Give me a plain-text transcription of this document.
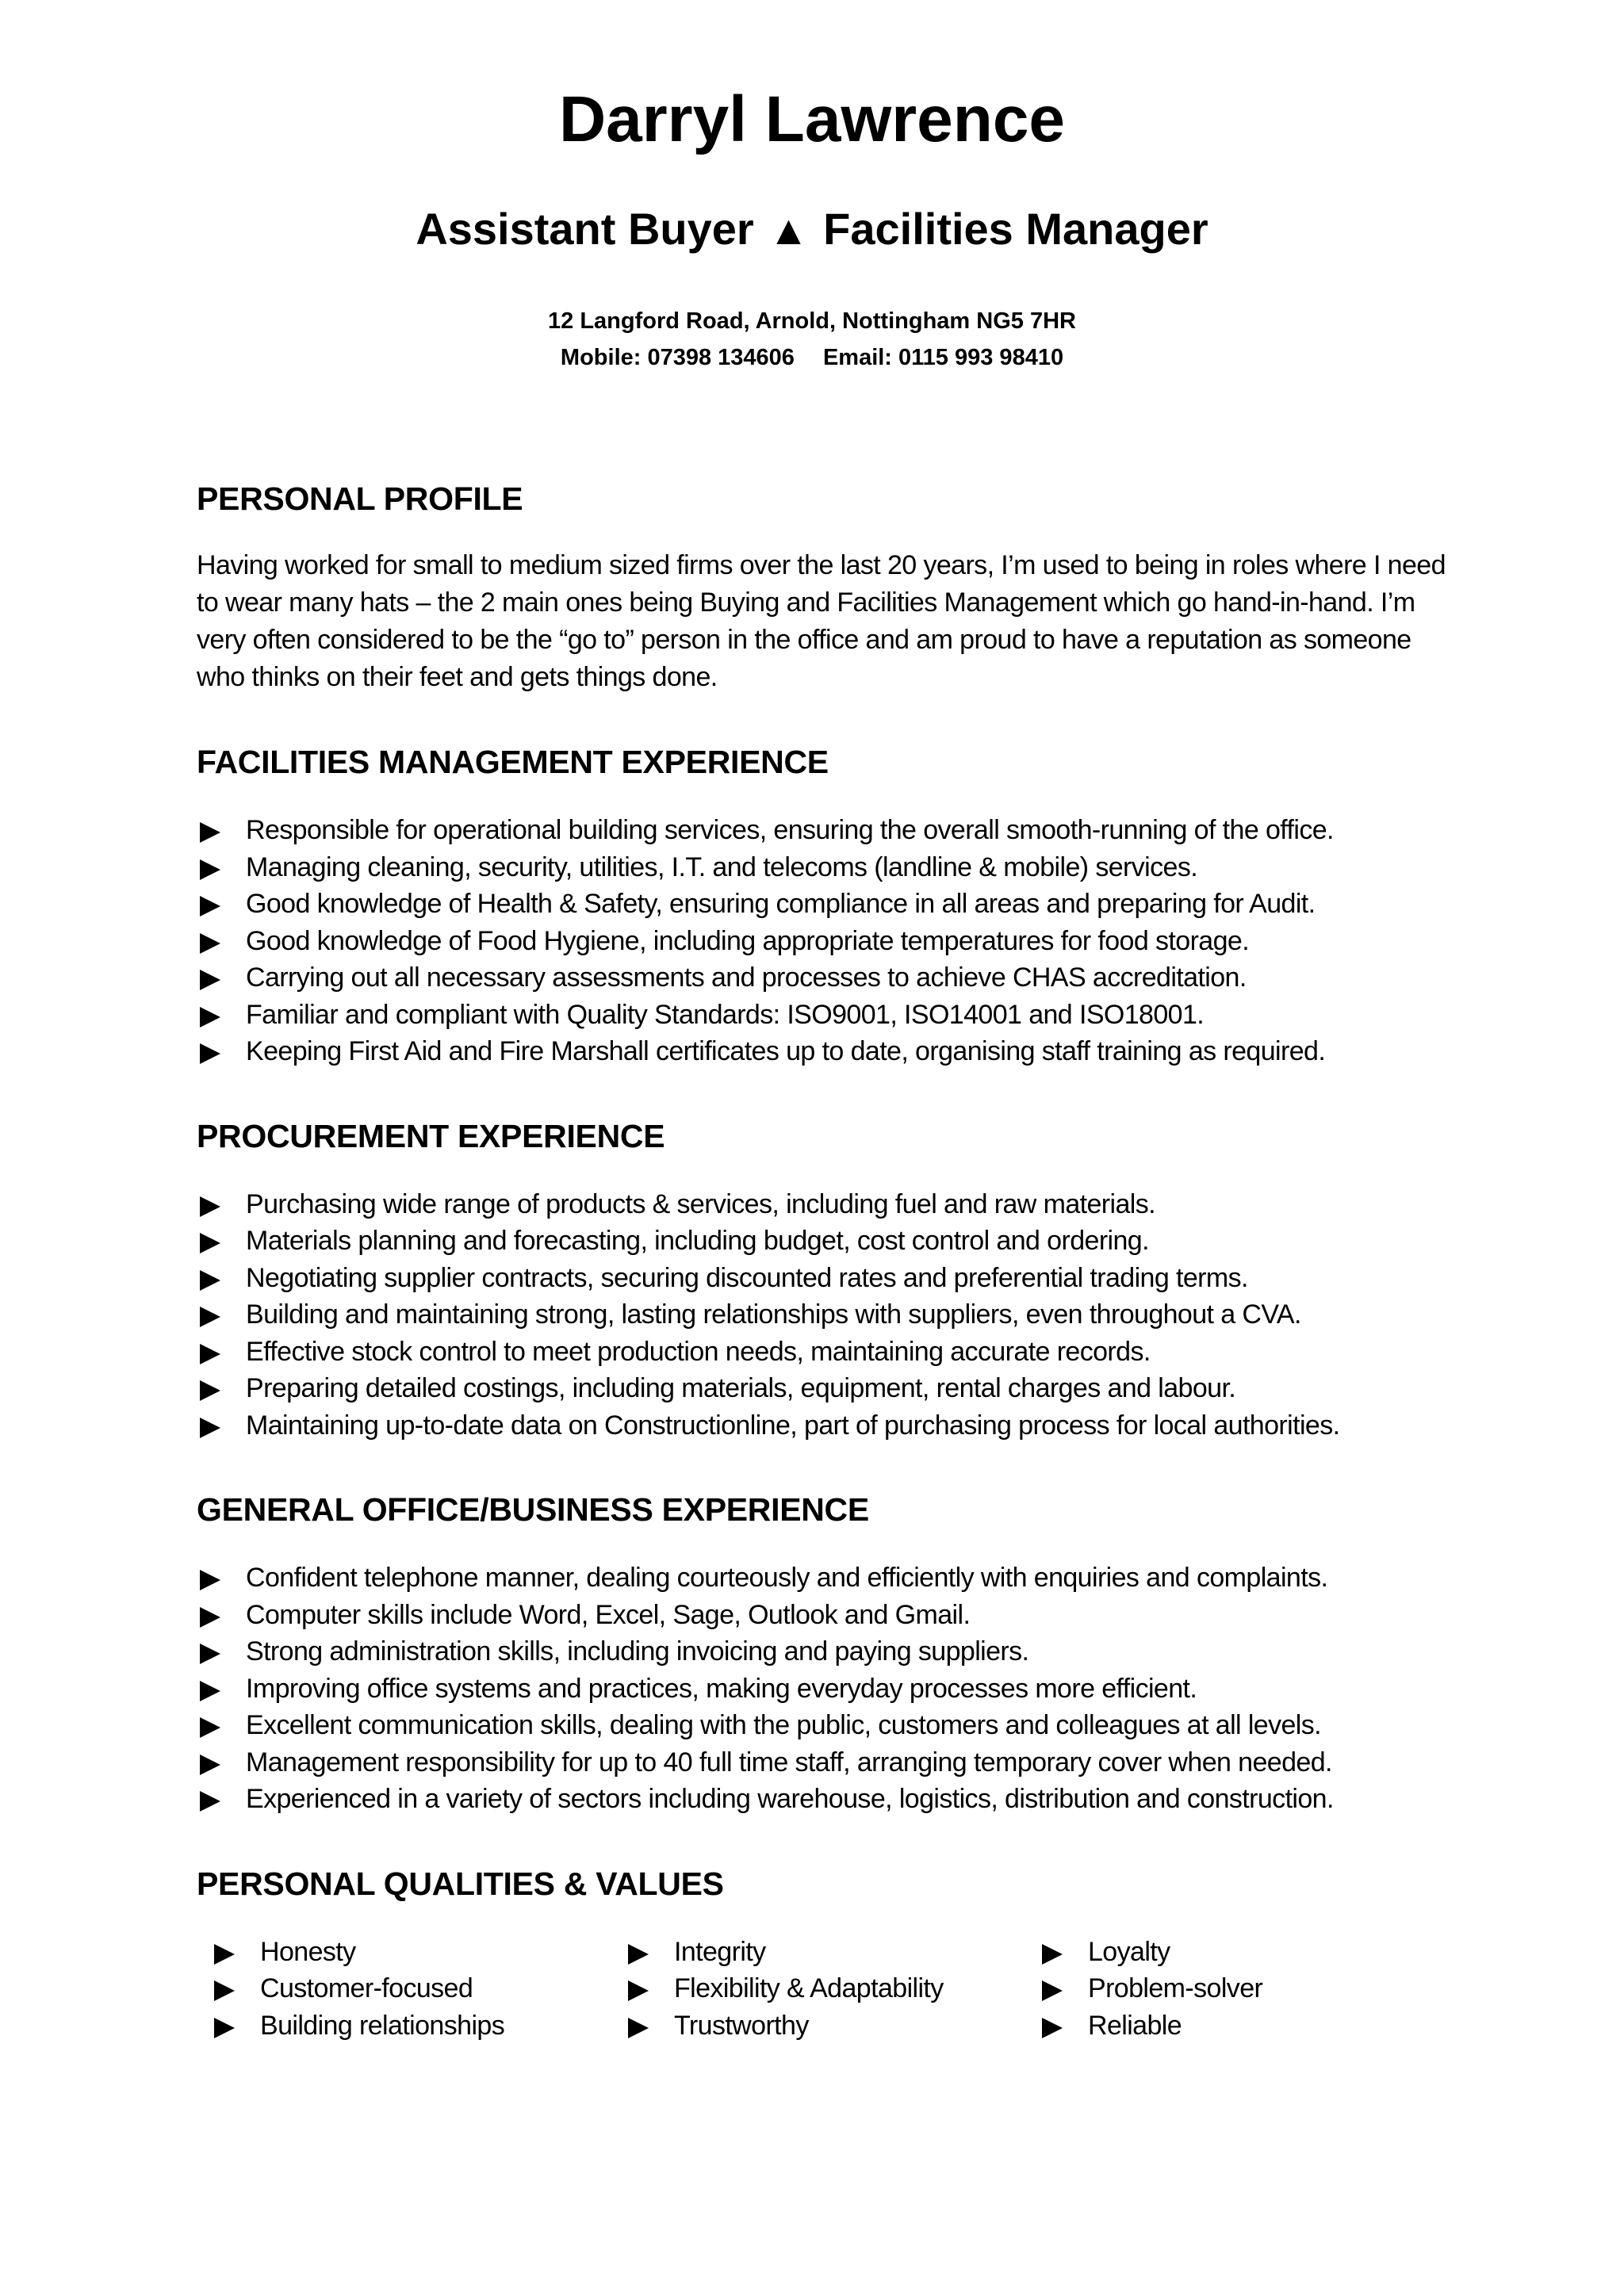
Darryl Lawrence
Assistant Buyer ▲ Facilities Manager
12 Langford Road, Arnold, Nottingham NG5 7HR
Mobile: 07398 134606 Email: 0115 993 98410
PERSONAL PROFILE

Having worked for small to medium sized firms over the last 20 years, I’m used to being in roles where I need to wear many hats – the 2 main ones being Buying and Facilities Management which go hand-in-hand. I’m very often considered to be the “go to” person in the office and am proud to have a reputation as someone who thinks on their feet and gets things done.

FACILITIES MANAGEMENT EXPERIENCE
Responsible for operational building services, ensuring the overall smooth-running of the office.
Managing cleaning, security, utilities, I.T. and telecoms (landline & mobile) services.
Good knowledge of Health & Safety, ensuring compliance in all areas and preparing for Audit.
Good knowledge of Food Hygiene, including appropriate temperatures for food storage.
Carrying out all necessary assessments and processes to achieve CHAS accreditation.
Familiar and compliant with Quality Standards: ISO9001, ISO14001 and ISO18001.
Keeping First Aid and Fire Marshall certificates up to date, organising staff training as required.
PROCUREMENT EXPERIENCE
Purchasing wide range of products & services, including fuel and raw materials.
Materials planning and forecasting, including budget, cost control and ordering.
Negotiating supplier contracts, securing discounted rates and preferential trading terms.
Building and maintaining strong, lasting relationships with suppliers, even throughout a CVA.
Effective stock control to meet production needs, maintaining accurate records.
Preparing detailed costings, including materials, equipment, rental charges and labour.
Maintaining up-to-date data on Constructionline, part of purchasing process for local authorities.
GENERAL OFFICE/BUSINESS EXPERIENCE
Confident telephone manner, dealing courteously and efficiently with enquiries and complaints.
Computer skills include Word, Excel, Sage, Outlook and Gmail.
Strong administration skills, including invoicing and paying suppliers.
Improving office systems and practices, making everyday processes more efficient.
Excellent communication skills, dealing with the public, customers and colleagues at all levels.
Management responsibility for up to 40 full time staff, arranging temporary cover when needed.
Experienced in a variety of sectors including warehouse, logistics, distribution and construction.
PERSONAL QUALITIES & VALUES
Honesty
Customer-focused
Building relationships
Integrity
Flexibility & Adaptability
Trustworthy
Loyalty
Problem-solver
Reliable
